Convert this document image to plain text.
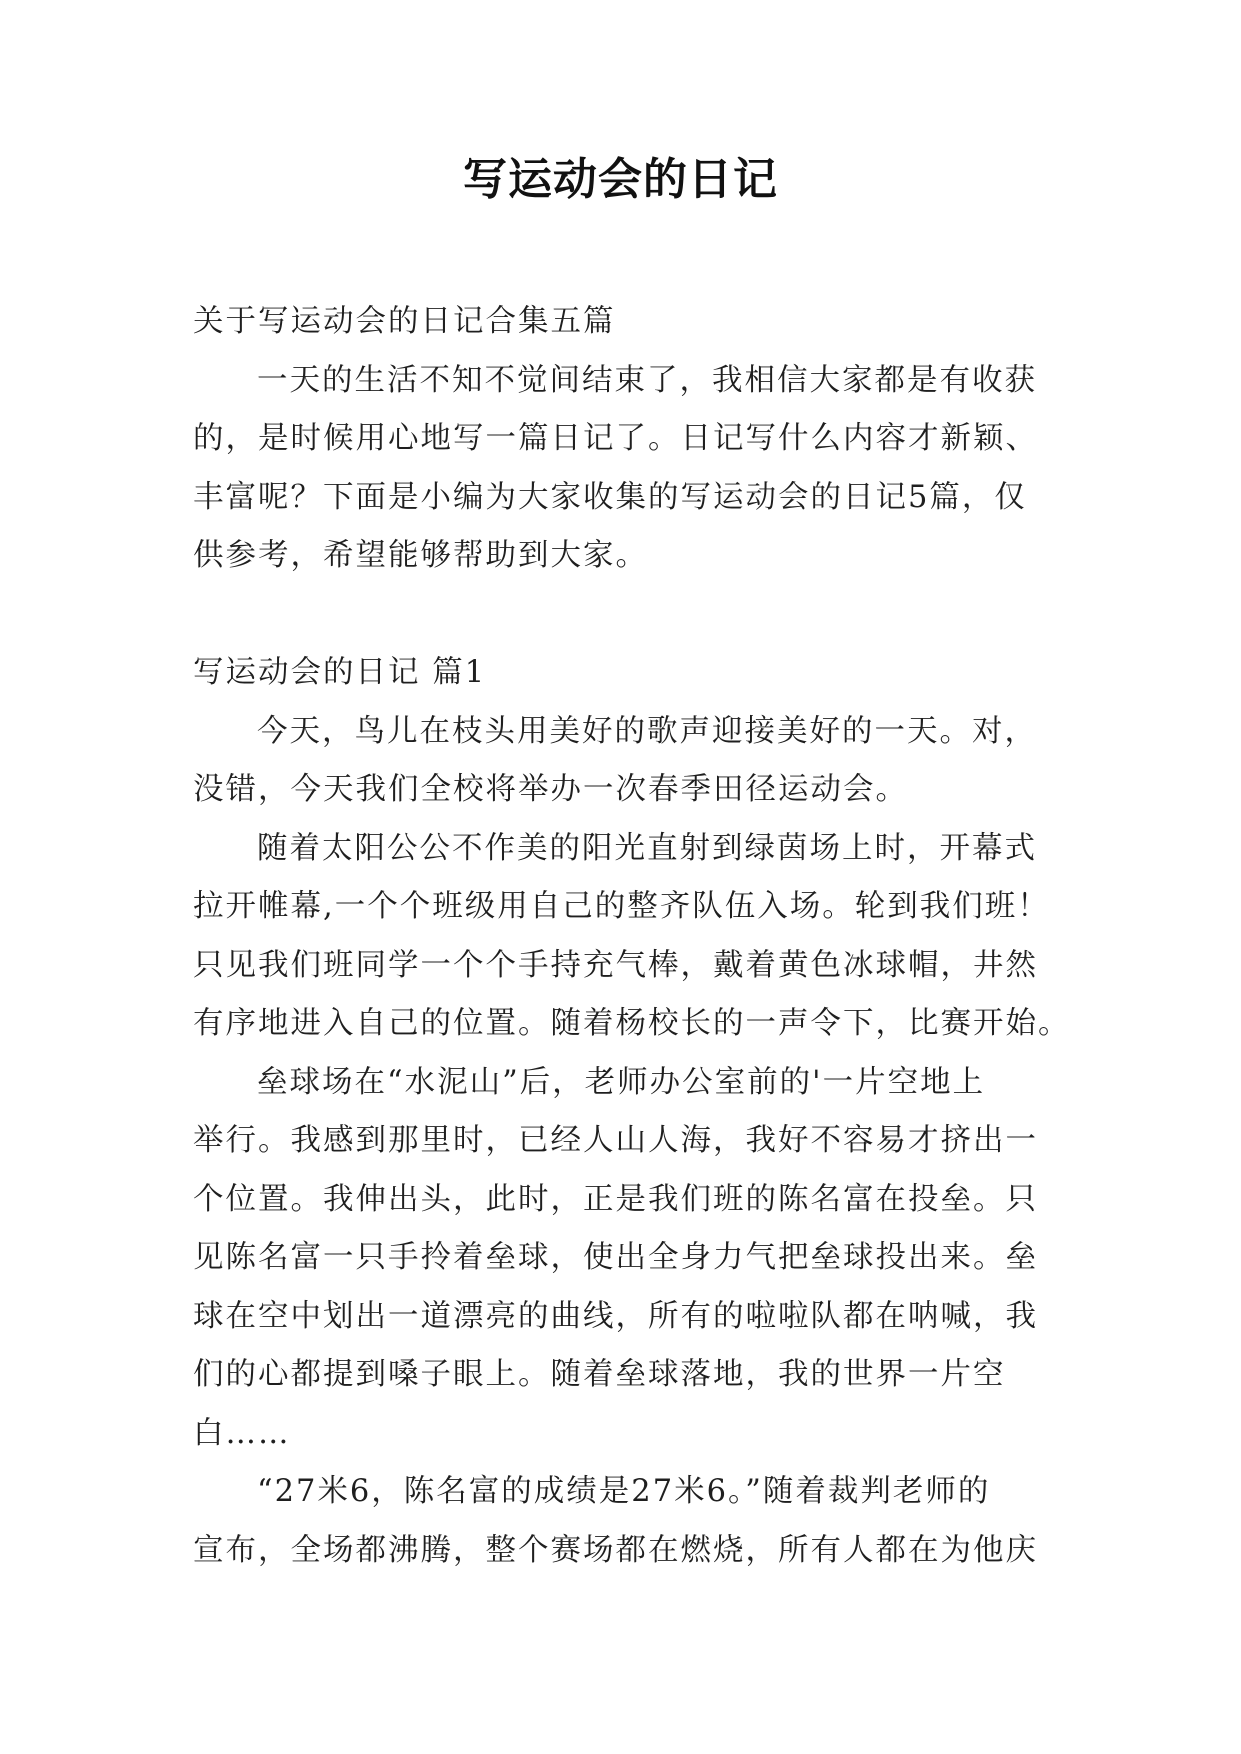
写运动会的日记
关于写运动会的日记合集五篇
一天的生活不知不觉间结束了，我相信大家都是有收获
的，是时候用心地写一篇日记了。日记写什么内容才新颖、
丰富呢？下面是小编为大家收集的写运动会的日记5篇，仅
供参考，希望能够帮助到大家。
写运动会的日记 篇1
今天，鸟儿在枝头用美好的歌声迎接美好的一天。对，
没错，今天我们全校将举办一次春季田径运动会。
随着太阳公公不作美的阳光直射到绿茵场上时，开幕式
拉开帷幕,一个个班级用自己的整齐队伍入场。轮到我们班！
只见我们班同学一个个手持充气棒，戴着黄色冰球帽，井然
有序地进入自己的位置。随着杨校长的一声令下，比赛开始。
垒球场在“水泥山”后，老师办公室前的'一片空地上
举行。我感到那里时，已经人山人海，我好不容易才挤出一
个位置。我伸出头，此时，正是我们班的陈名富在投垒。只
见陈名富一只手拎着垒球，使出全身力气把垒球投出来。垒
球在空中划出一道漂亮的曲线，所有的啦啦队都在呐喊，我
们的心都提到嗓子眼上。随着垒球落地，我的世界一片空
白……
“27米6，陈名富的成绩是27米6。”随着裁判老师的
宣布，全场都沸腾，整个赛场都在燃烧，所有人都在为他庆
